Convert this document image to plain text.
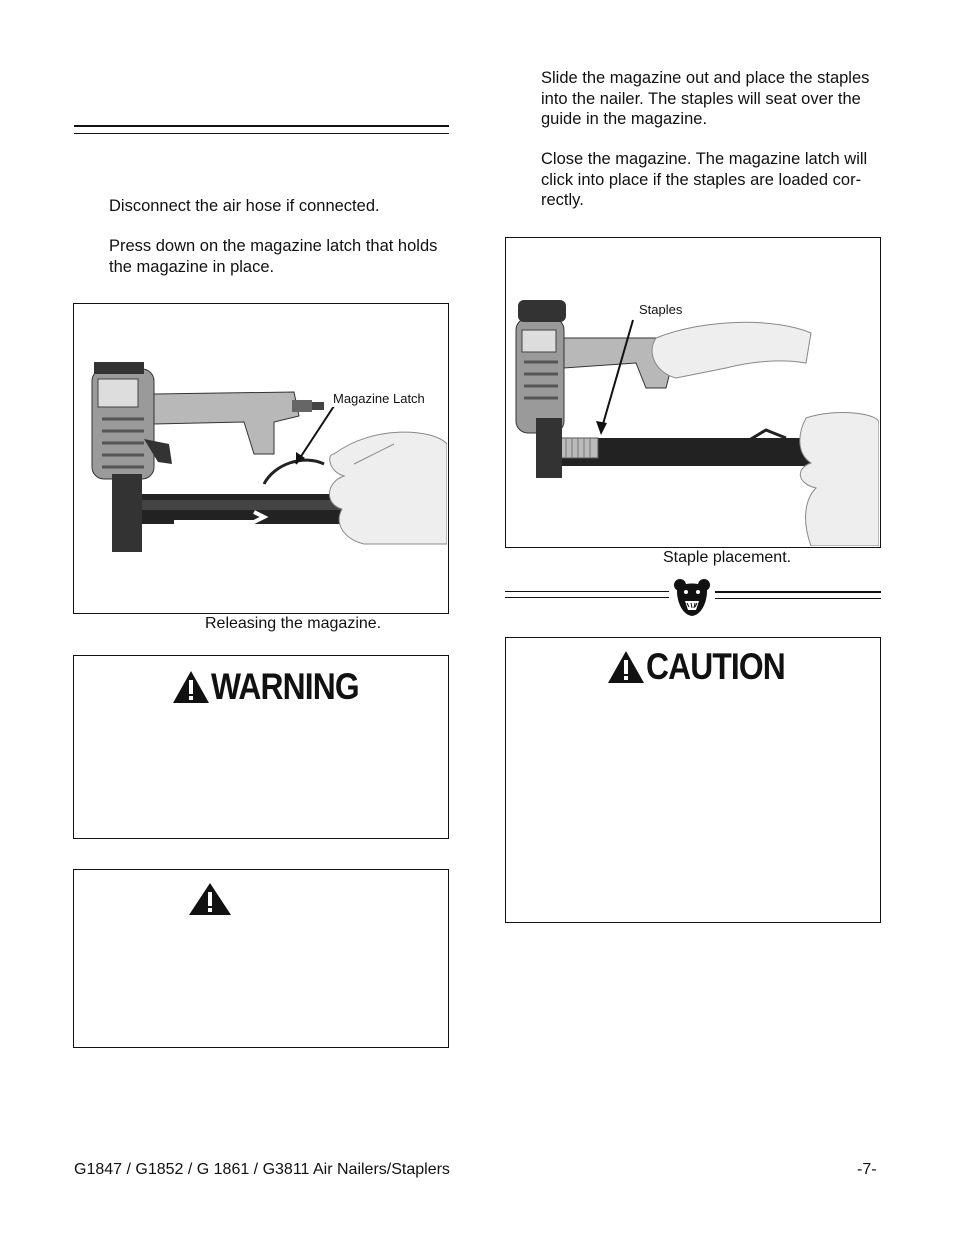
Disconnect the air hose if connected.
Press down on the magazine latch that holds the magazine in place.
Magazine Latch
Releasing the magazine.
WARNING
Slide the magazine out and place the staples into the nailer. The staples will seat over the guide in the magazine.
Close the magazine. The magazine latch will click into place if the staples are loaded cor-rectly.
Staples
Staple placement.
CAUTION
G1847 / G1852 / G 1861 / G3811 Air Nailers/Staplers	-7-
